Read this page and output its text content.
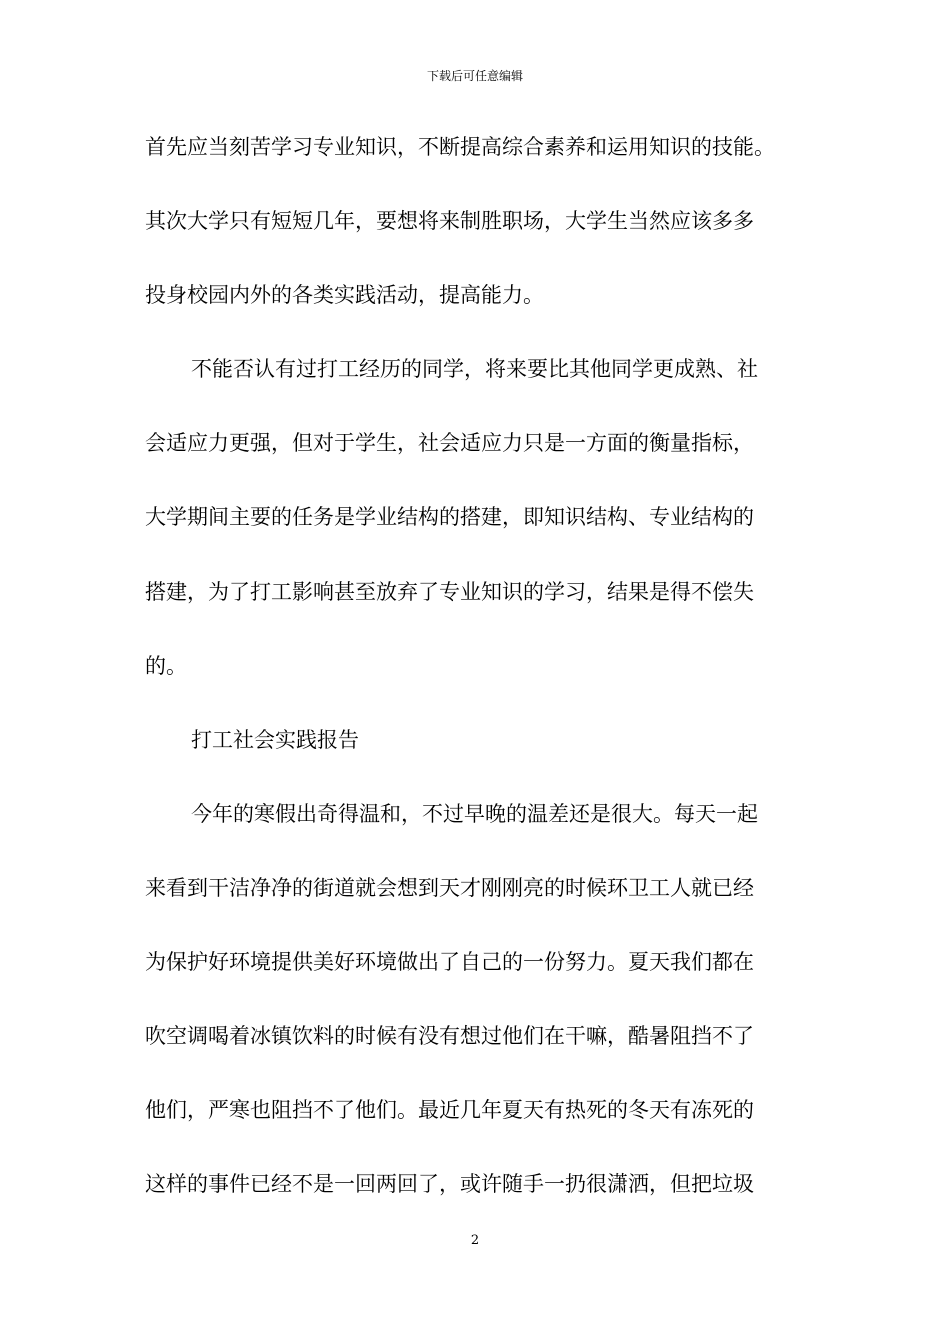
下载后可任意编辑
首先应当刻苦学习专业知识，不断提高综合素养和运用知识的技能。
其次大学只有短短几年，要想将来制胜职场，大学生当然应该多多
投身校园内外的各类实践活动，提高能力。
不能否认有过打工经历的同学，将来要比其他同学更成熟、社
会适应力更强，但对于学生，社会适应力只是一方面的衡量指标，
大学期间主要的任务是学业结构的搭建，即知识结构、专业结构的
搭建，为了打工影响甚至放弃了专业知识的学习，结果是得不偿失
的。
打工社会实践报告
今年的寒假出奇得温和，不过早晚的温差还是很大。每天一起
来看到干洁净净的街道就会想到天才刚刚亮的时候环卫工人就已经
为保护好环境提供美好环境做出了自己的一份努力。夏天我们都在
吹空调喝着冰镇饮料的时候有没有想过他们在干嘛，酷暑阻挡不了
他们，严寒也阻挡不了他们。最近几年夏天有热死的冬天有冻死的
这样的事件已经不是一回两回了，或许随手一扔很潇洒，但把垃圾
2
